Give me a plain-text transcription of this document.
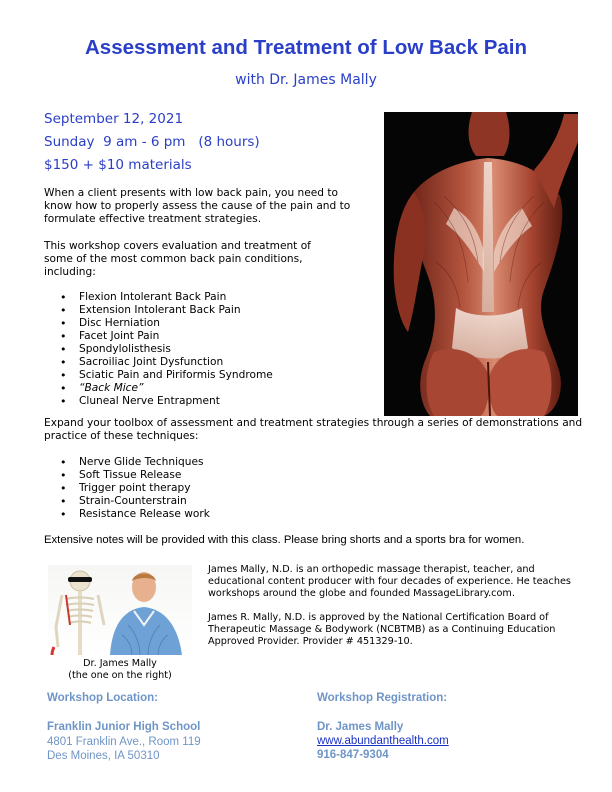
Assessment and Treatment of Low Back Pain
with Dr. James Mally
September 12, 2021
Sunday  9 am - 6 pm   (8 hours)
$150 + $10 materials
When a client presents with low back pain, you need to know how to properly assess the cause of the pain and to formulate effective treatment strategies.
This workshop covers evaluation and treatment of some of the most common back pain conditions, including:
• Flexion Intolerant Back Pain
• Extension Intolerant Back Pain
• Disc Herniation
• Facet Joint Pain
• Spondylolisthesis
• Sacroiliac Joint Dysfunction
• Sciatic Pain and Piriformis Syndrome
• “Back Mice”
• Cluneal Nerve Entrapment
Expand your toolbox of assessment and treatment strategies through a series of demonstrations and practice of these techniques:
• Nerve Glide Techniques
• Soft Tissue Release
• Trigger point therapy
• Strain-Counterstrain
• Resistance Release work
Extensive notes will be provided with this class. Please bring shorts and a sports bra for women.
Dr. James Mally
(the one on the right)
James Mally, N.D. is an orthopedic massage therapist, teacher, and educational content producer with four decades of experience. He teaches workshops around the globe and founded MassageLibrary.com.
James R. Mally, N.D. is approved by the National Certification Board of Therapeutic Massage & Bodywork (NCBTMB) as a Continuing Education Approved Provider. Provider # 451329-10.
Workshop Location:
Franklin Junior High School
4801 Franklin Ave., Room 119
Des Moines, IA 50310
Workshop Registration:
Dr. James Mally
www.abundanthealth.com
916-847-9304
